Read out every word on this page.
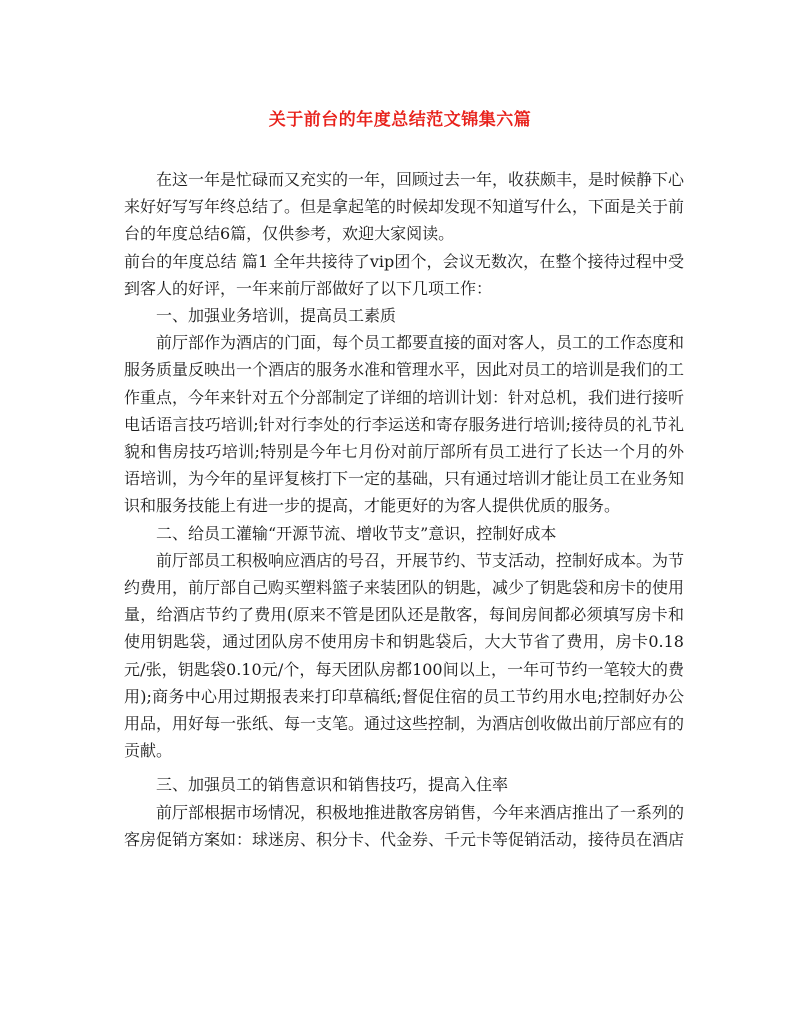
关于前台的年度总结范文锦集六篇

在这一年是忙碌而又充实的一年，回顾过去一年，收获颇丰，是时候静下心来好好写写年终总结了。但是拿起笔的时候却发现不知道写什么，下面是关于前台的年度总结6篇，仅供参考，欢迎大家阅读。

前台的年度总结 篇1 全年共接待了vip团个，会议无数次，在整个接待过程中受到客人的好评，一年来前厅部做好了以下几项工作：

一、加强业务培训，提高员工素质

前厅部作为酒店的门面，每个员工都要直接的面对客人，员工的工作态度和服务质量反映出一个酒店的服务水准和管理水平，因此对员工的培训是我们的工作重点，今年来针对五个分部制定了详细的培训计划：针对总机，我们进行接听电话语言技巧培训;针对行李处的行李运送和寄存服务进行培训;接待员的礼节礼貌和售房技巧培训;特别是今年七月份对前厅部所有员工进行了长达一个月的外语培训，为今年的星评复核打下一定的基础，只有通过培训才能让员工在业务知识和服务技能上有进一步的提高，才能更好的为客人提供优质的服务。

二、给员工灌输“开源节流、增收节支”意识，控制好成本

前厅部员工积极响应酒店的号召，开展节约、节支活动，控制好成本。为节约费用，前厅部自己购买塑料篮子来装团队的钥匙，减少了钥匙袋和房卡的使用量，给酒店节约了费用(原来不管是团队还是散客，每间房间都必须填写房卡和使用钥匙袋，通过团队房不使用房卡和钥匙袋后，大大节省了费用，房卡0.18元/张，钥匙袋0.10元/个，每天团队房都100间以上，一年可节约一笔较大的费用);商务中心用过期报表来打印草稿纸;督促住宿的员工节约用水电;控制好办公用品，用好每一张纸、每一支笔。通过这些控制，为酒店创收做出前厅部应有的贡献。

三、加强员工的销售意识和销售技巧，提高入住率

前厅部根据市场情况，积极地推进散客房销售，今年来酒店推出了一系列的客房促销方案如：球迷房、积分卡、代金券、千元卡等促销活动，接待员在酒店
